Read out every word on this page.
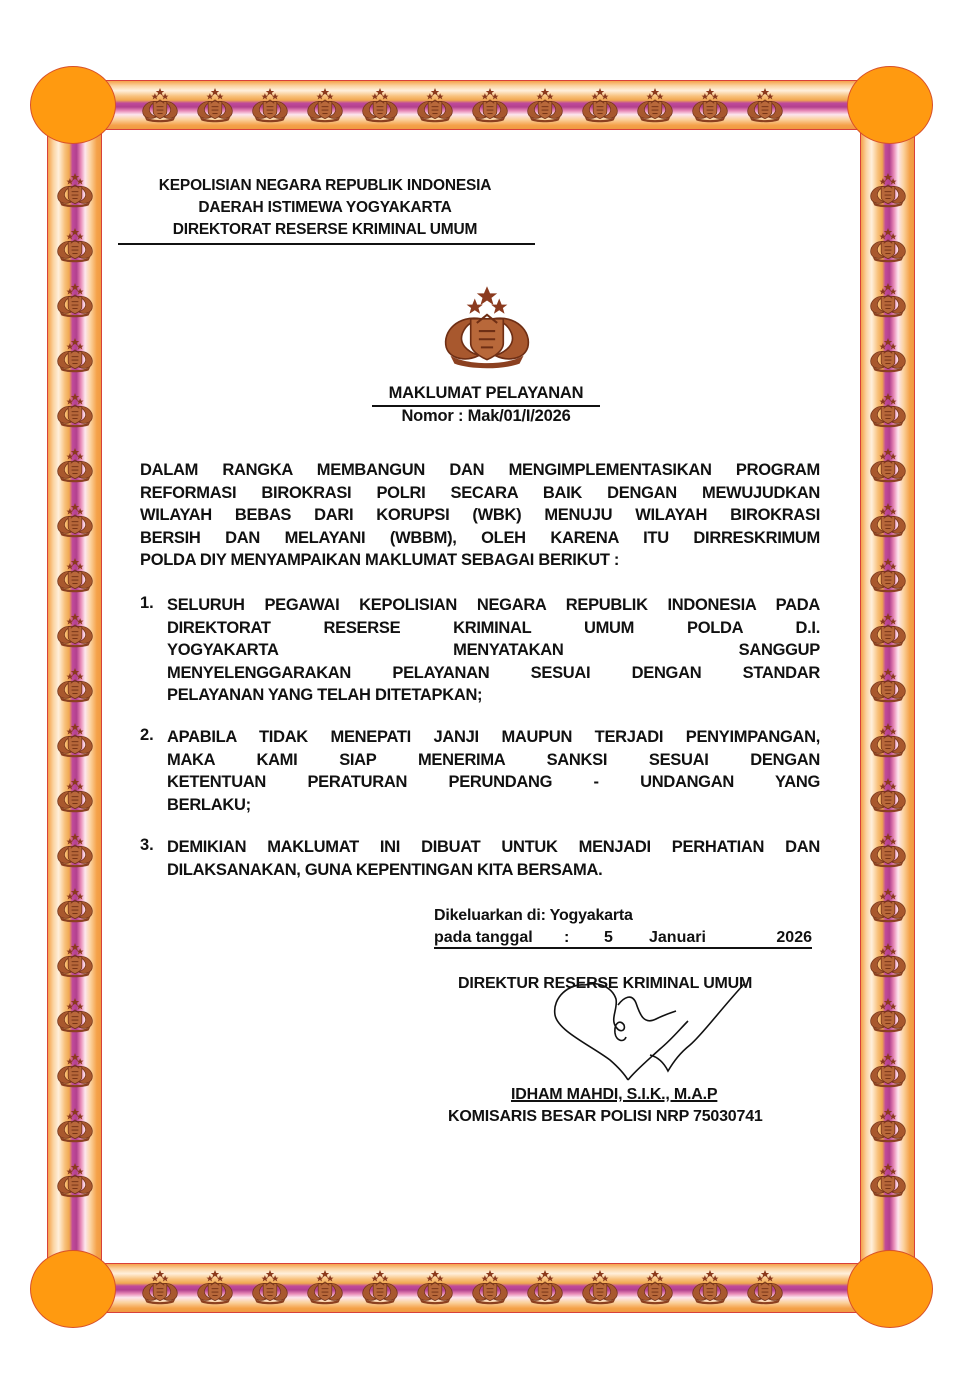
KEPOLISIAN NEGARA REPUBLIK INDONESIA
DAERAH ISTIMEWA YOGYAKARTA
DIREKTORAT RESERSE KRIMINAL UMUM
MAKLUMAT PELAYANAN
Nomor : Mak/01/I/2026
DALAM RANGKA MEMBANGUN DAN MENGIMPLEMENTASIKAN PROGRAM
REFORMASI BIROKRASI POLRI SECARA BAIK DENGAN MEWUJUDKAN
WILAYAH BEBAS DARI KORUPSI (WBK) MENUJU WILAYAH BIROKRASI
BERSIH DAN MELAYANI (WBBM), OLEH KARENA ITU DIRRESKRIMUM
POLDA DIY MENYAMPAIKAN MAKLUMAT SEBAGAI BERIKUT :
1. SELURUH PEGAWAI KEPOLISIAN NEGARA REPUBLIK INDONESIA PADA
DIREKTORAT RESERSE KRIMINAL UMUM POLDA D.I.
YOGYAKARTA MENYATAKAN SANGGUP
MENYELENGGARAKAN PELAYANAN SESUAI DENGAN STANDAR
PELAYANAN YANG TELAH DITETAPKAN;
2. APABILA TIDAK MENEPATI JANJI MAUPUN TERJADI PENYIMPANGAN,
MAKA KAMI SIAP MENERIMA SANKSI SESUAI DENGAN
KETENTUAN PERATURAN PERUNDANG - UNDANGAN YANG
BERLAKU;
3. DEMIKIAN MAKLUMAT INI DIBUAT UNTUK MENJADI PERHATIAN DAN
DILAKSANAKAN, GUNA KEPENTINGAN KITA BERSAMA.
Dikeluarkan di: Yogyakarta
pada tanggal : 5 Januari	2026
DIREKTUR RESERSE KRIMINAL UMUM
IDHAM MAHDI, S.I.K., M.A.P
KOMISARIS BESAR POLISI NRP 75030741
